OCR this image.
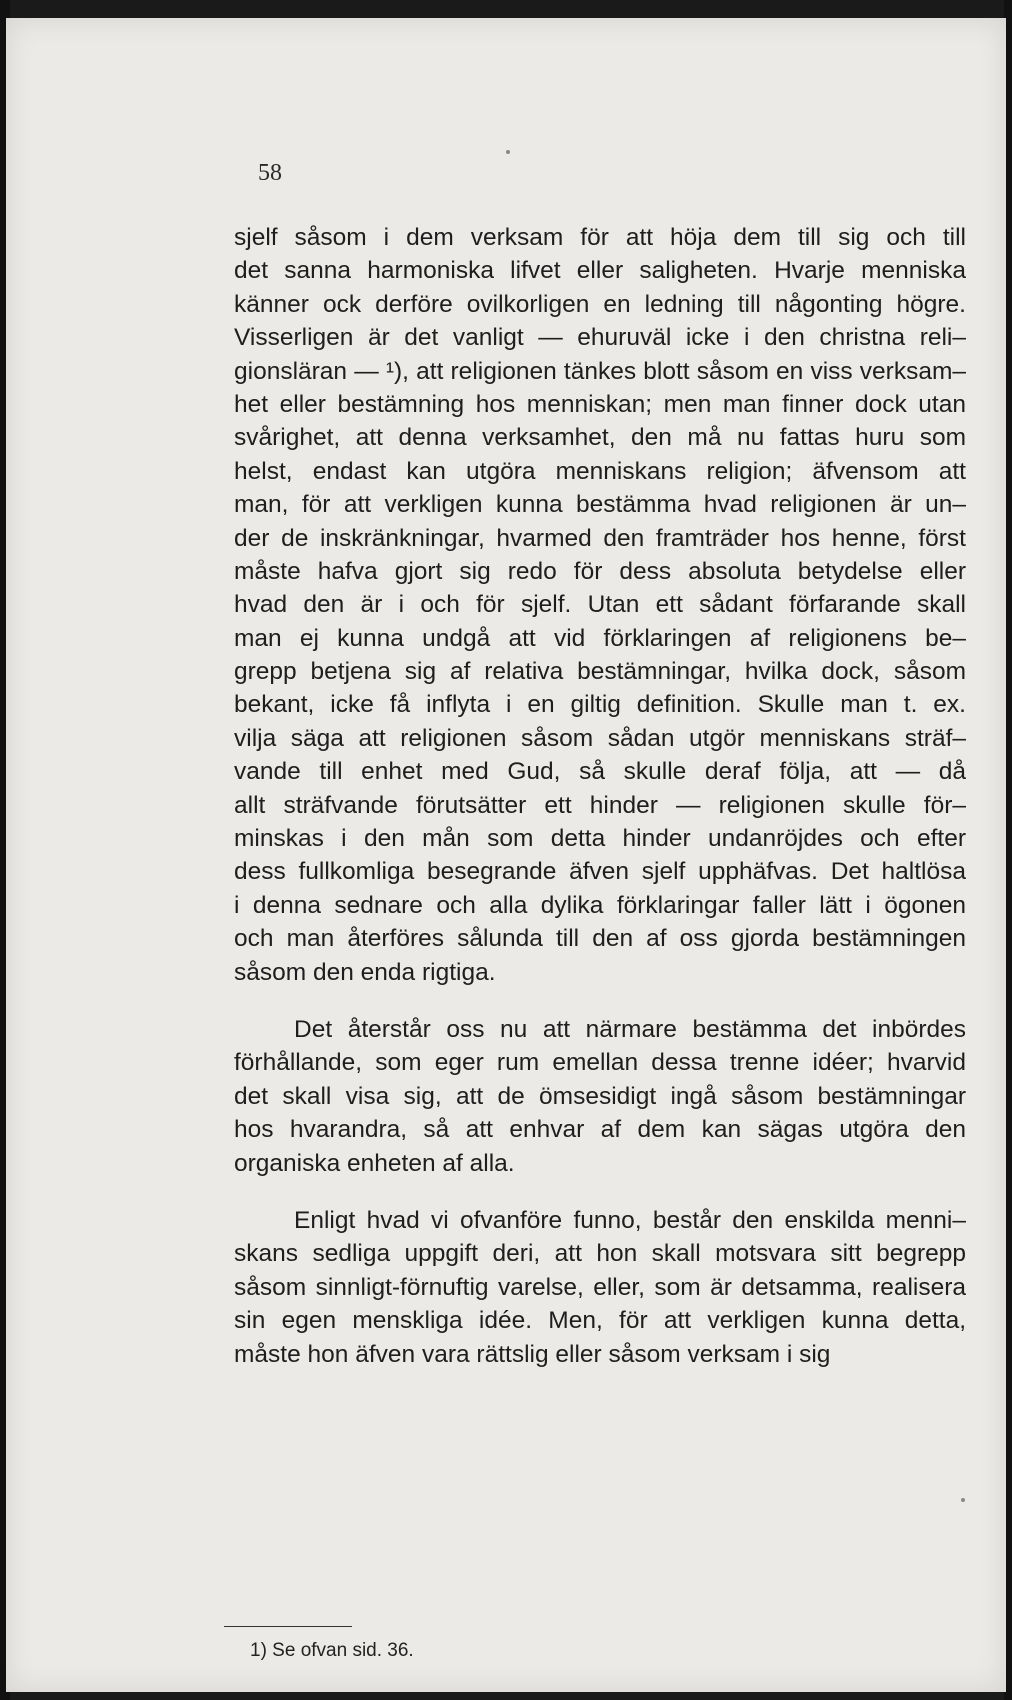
58
sjelf såsom i dem verksam för att höja dem till sig och till
det sanna harmoniska lifvet eller saligheten. Hvarje menniska
känner ock derföre ovilkorligen en ledning till någonting högre.
Visserligen är det vanligt — ehuruväl icke i den christna reli–
gionsläran — ¹), att religionen tänkes blott såsom en viss verksam–
het eller bestämning hos menniskan; men man finner dock utan
svårighet, att denna verksamhet, den må nu fattas huru som
helst, endast kan utgöra menniskans religion; äfvensom att
man, för att verkligen kunna bestämma hvad religionen är un–
der de inskränkningar, hvarmed den framträder hos henne, först
måste hafva gjort sig redo för dess absoluta betydelse eller
hvad den är i och för sjelf. Utan ett sådant förfarande skall
man ej kunna undgå att vid förklaringen af religionens be–
grepp betjena sig af relativa bestämningar, hvilka dock, såsom
bekant, icke få inflyta i en giltig definition. Skulle man t. ex.
vilja säga att religionen såsom sådan utgör menniskans sträf–
vande till enhet med Gud, så skulle deraf följa, att — då
allt sträfvande förutsätter ett hinder — religionen skulle för–
minskas i den mån som detta hinder undanröjdes och efter
dess fullkomliga besegrande äfven sjelf upphäfvas. Det haltlösa
i denna sednare och alla dylika förklaringar faller lätt i ögonen
och man återföres sålunda till den af oss gjorda bestämningen
såsom den enda rigtiga.
Det återstår oss nu att närmare bestämma det inbördes
förhållande, som eger rum emellan dessa trenne idéer; hvarvid
det skall visa sig, att de ömsesidigt ingå såsom bestämningar
hos hvarandra, så att enhvar af dem kan sägas utgöra den
organiska enheten af alla.
Enligt hvad vi ofvanföre funno, består den enskilda menni–
skans sedliga uppgift deri, att hon skall motsvara sitt begrepp
såsom sinnligt-förnuftig varelse, eller, som är detsamma, realisera
sin egen menskliga idée. Men, för att verkligen kunna detta,
måste hon äfven vara rättslig eller såsom verksam i sig
1) Se ofvan sid. 36.
